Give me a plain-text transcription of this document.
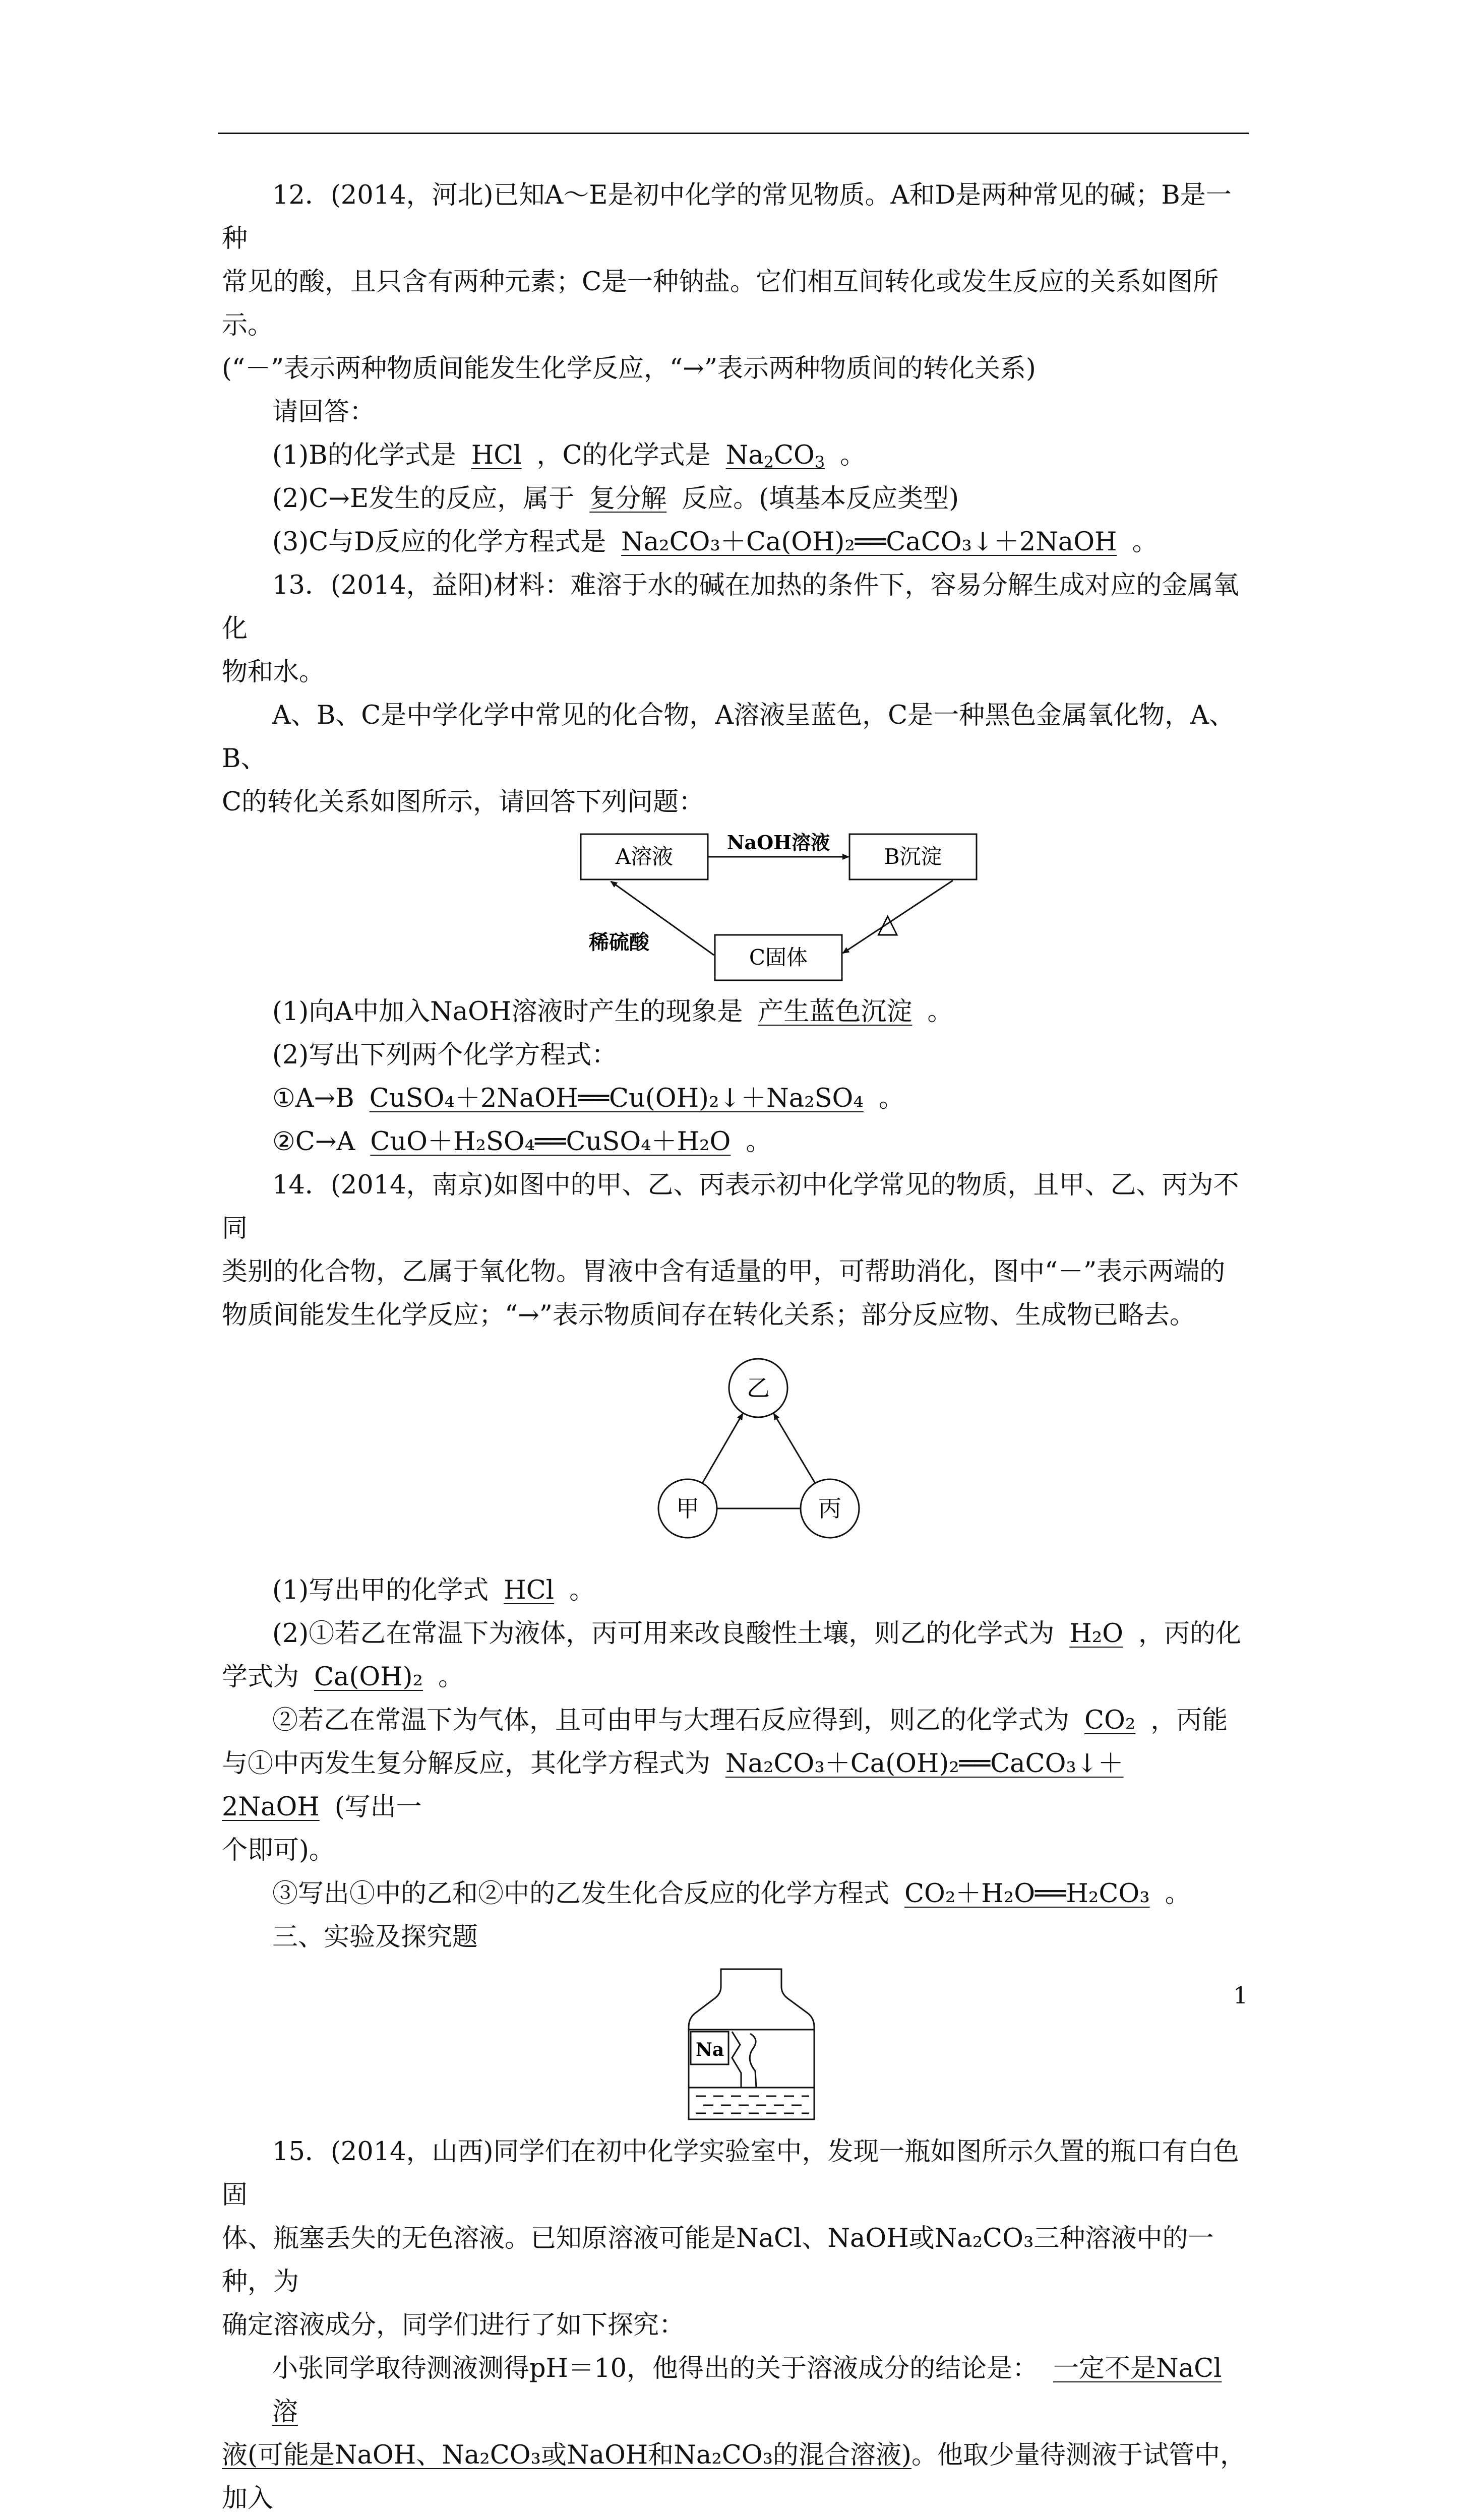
12．(2014，河北)已知A～E是初中化学的常见物质。A和D是两种常见的碱；B是一种

常见的酸，且只含有两种元素；C是一种钠盐。它们相互间转化或发生反应的关系如图所示。

(“－”表示两种物质间能发生化学反应，“→”表示两种物质间的转化关系)

请回答：

(1)B的化学式是 HCl ，C的化学式是 $Na_2CO_3$ 。

(2)C→E发生的反应，属于 复分解 反应。(填基本反应类型)

(3)C与D反应的化学方程式是 Na₂CO₃＋Ca(OH)₂══CaCO₃↓＋2NaOH 。

13．(2014，益阳)材料：难溶于水的碱在加热的条件下，容易分解生成对应的金属氧化

物和水。

A、B、C是中学化学中常见的化合物，A溶液呈蓝色，C是一种黑色金属氧化物，A、B、

C的转化关系如图所示，请回答下列问题：

A溶液	B沉淀
C固体
NaOH溶液
△
稀硫酸

(1)向A中加入NaOH溶液时产生的现象是 产生蓝色沉淀 。

(2)写出下列两个化学方程式：

①A→B CuSO₄＋2NaOH══Cu(OH)₂↓＋Na₂SO₄ 。

②C→A CuO＋H₂SO₄══CuSO₄＋H₂O 。

14．(2014，南京)如图中的甲、乙、丙表示初中化学常见的物质，且甲、乙、丙为不同

类别的化合物，乙属于氧化物。胃液中含有适量的甲，可帮助消化，图中“－”表示两端的

物质间能发生化学反应；“→”表示物质间存在转化关系；部分反应物、生成物已略去。

乙
甲	丙

(1)写出甲的化学式 HCl 。

(2)①若乙在常温下为液体，丙可用来改良酸性土壤，则乙的化学式为 H₂O ，丙的化

学式为 Ca(OH)₂ 。

②若乙在常温下为气体，且可由甲与大理石反应得到，则乙的化学式为 CO₂ ，丙能

与①中丙发生复分解反应，其化学方程式为 Na₂CO₃＋Ca(OH)₂══CaCO₃↓＋2NaOH (写出一

个即可)。

③写出①中的乙和②中的乙发生化合反应的化学方程式 CO₂＋H₂O══H₂CO₃ 。

三、实验及探究题

Na

15．(2014，山西)同学们在初中化学实验室中，发现一瓶如图所示久置的瓶口有白色固

体、瓶塞丢失的无色溶液。已知原溶液可能是NaCl、NaOH或Na₂CO₃三种溶液中的一种，为

确定溶液成分，同学们进行了如下探究：

小张同学取待测液测得pH＝10，他得出的关于溶液成分的结论是： 一定不是NaCl溶

液(可能是NaOH、Na₂CO₃或NaOH和Na₂CO₃的混合溶液)。他取少量待测液于试管中，加入

1
